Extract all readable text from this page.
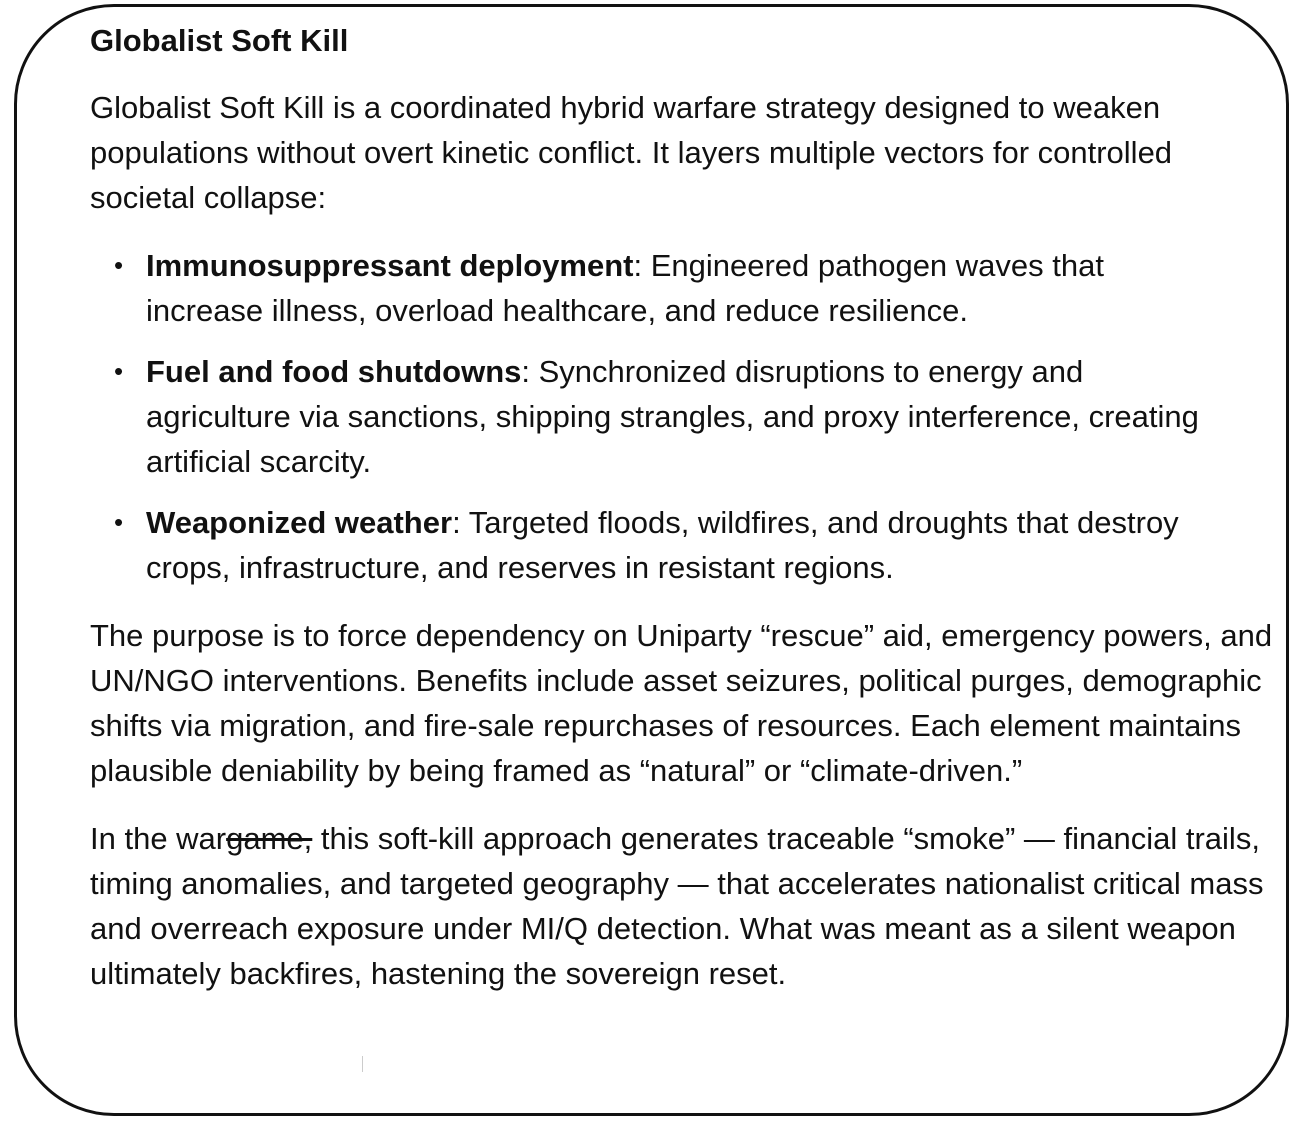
Globalist Soft Kill

Globalist Soft Kill is a coordinated hybrid warfare strategy designed to weaken populations without overt kinetic conflict. It layers multiple vectors for controlled societal collapse:

• Immunosuppressant deployment: Engineered pathogen waves that increase illness, overload healthcare, and reduce resilience.
• Fuel and food shutdowns: Synchronized disruptions to energy and agriculture via sanctions, shipping strangles, and proxy interference, creating artificial scarcity.
• Weaponized weather: Targeted floods, wildfires, and droughts that destroy crops, infrastructure, and reserves in resistant regions.

The purpose is to force dependency on Uniparty “rescue” aid, emergency powers, and UN/NGO interventions. Benefits include asset seizures, political purges, demographic shifts via migration, and fire-sale repurchases of resources. Each element maintains plausible deniability by being framed as “natural” or “climate-driven.”

In the wargame, this soft-kill approach generates traceable “smoke” — financial trails, timing anomalies, and targeted geography — that accelerates nationalist critical mass and overreach exposure under MI/Q detection. What was meant as a silent weapon ultimately backfires, hastening the sovereign reset.
